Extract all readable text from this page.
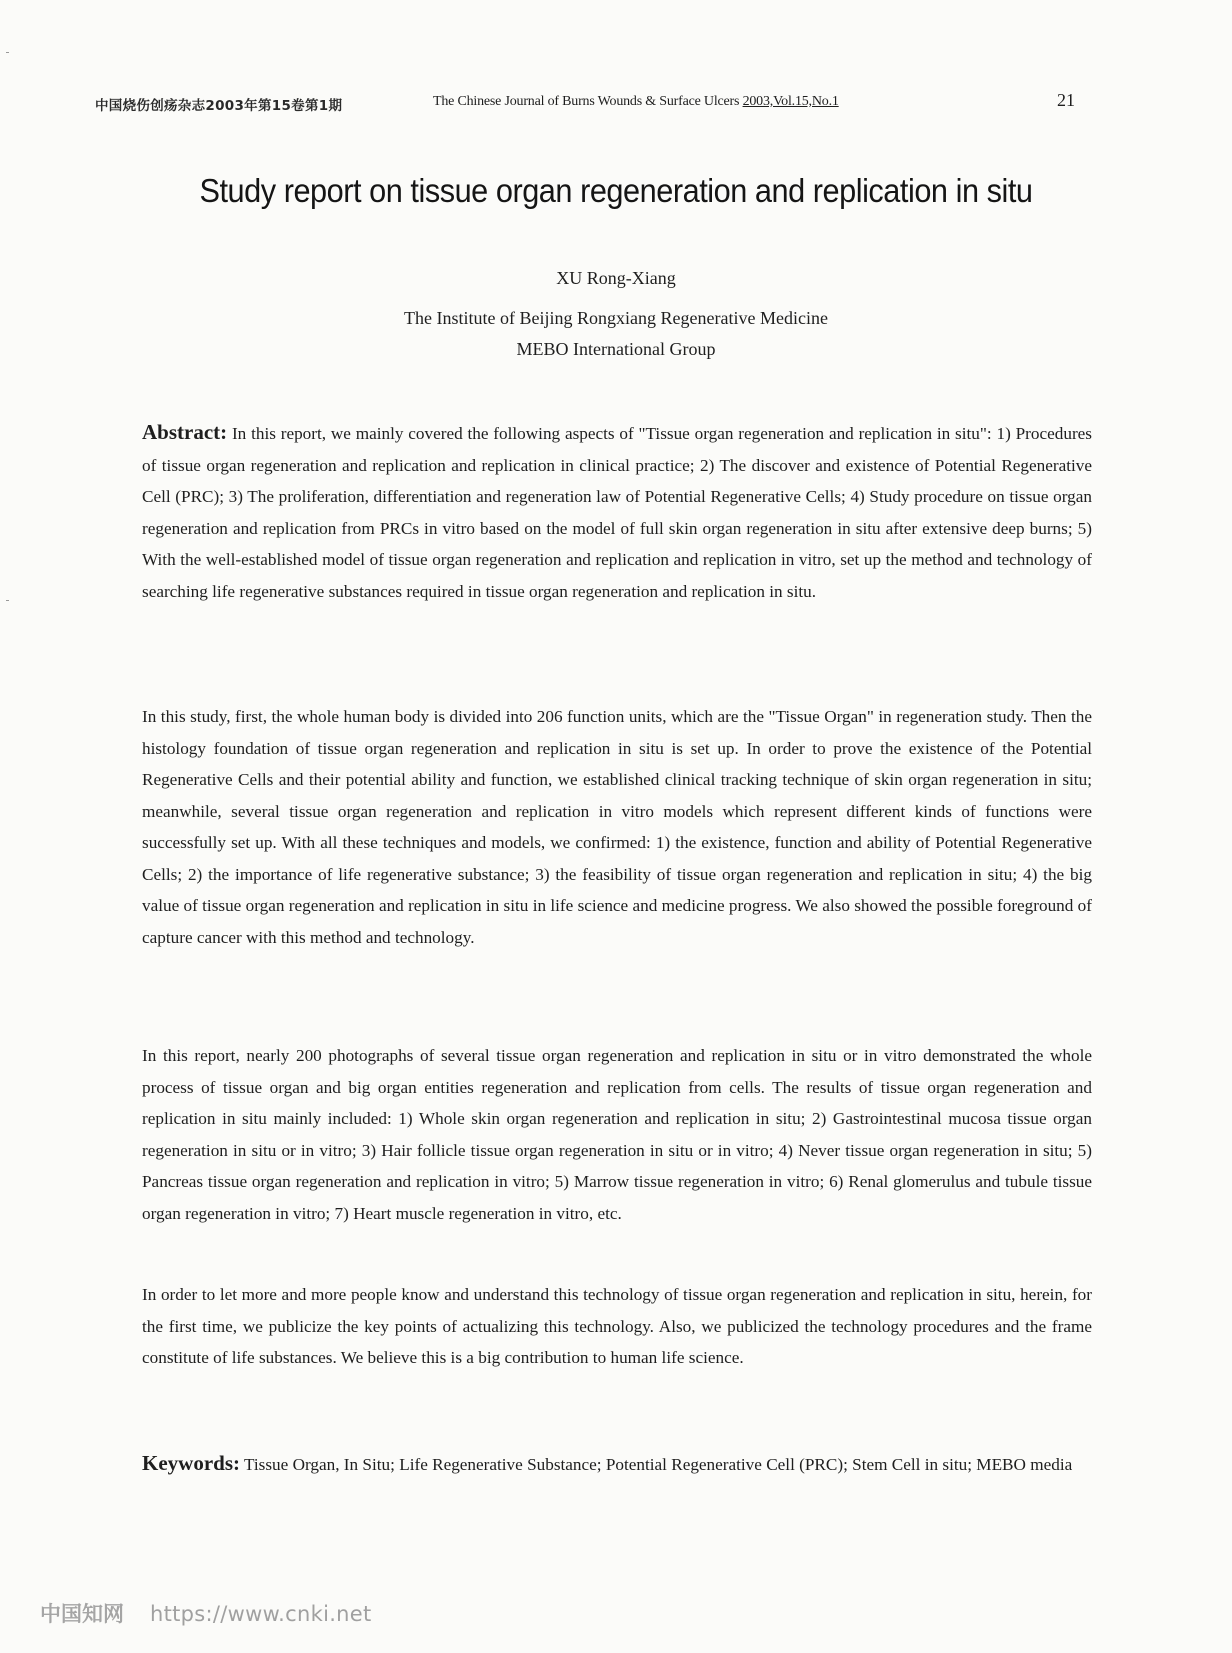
中国烧伤创疡杂志2003年第15卷第1期	The Chinese Journal of Burns Wounds & Surface Ulcers 2003,Vol.15,No.1	21
Study report on tissue organ regeneration and replication in situ
XU Rong-Xiang
The Institute of Beijing Rongxiang Regenerative Medicine
MEBO International Group

Abstract: In this report, we mainly covered the following aspects of "Tissue organ regeneration and replication in situ": 1) Procedures of tissue organ regeneration and replication and replication in clinical practice; 2) The discover and existence of Potential Regenerative Cell (PRC); 3) The proliferation, differentiation and regeneration law of Potential Regenerative Cells; 4) Study procedure on tissue organ regeneration and replication from PRCs in vitro based on the model of full skin organ regeneration in situ after extensive deep burns; 5) With the well-established model of tissue organ regeneration and replication and replication in vitro, set up the method and technology of searching life regenerative substances required in tissue organ regeneration and replication in situ.

In this study, first, the whole human body is divided into 206 function units, which are the "Tissue Organ" in regeneration study. Then the histology foundation of tissue organ regeneration and replication in situ is set up. In order to prove the existence of the Potential Regenerative Cells and their potential ability and function, we established clinical tracking technique of skin organ regeneration in situ; meanwhile, several tissue organ regeneration and replication in vitro models which represent different kinds of functions were successfully set up. With all these techniques and models, we confirmed: 1) the existence, function and ability of Potential Regenerative Cells; 2) the importance of life regenerative substance; 3) the feasibility of tissue organ regeneration and replication in situ; 4) the big value of tissue organ regeneration and replication in situ in life science and medicine progress. We also showed the possible foreground of capture cancer with this method and technology.

In this report, nearly 200 photographs of several tissue organ regeneration and replication in situ or in vitro demonstrated the whole process of tissue organ and big organ entities regeneration and replication from cells. The results of tissue organ regeneration and replication in situ mainly included: 1) Whole skin organ regeneration and replication in situ; 2) Gastrointestinal mucosa tissue organ regeneration in situ or in vitro; 3) Hair follicle tissue organ regeneration in situ or in vitro; 4) Never tissue organ regeneration in situ; 5) Pancreas tissue organ regeneration and replication in vitro; 5) Marrow tissue regeneration in vitro; 6) Renal glomerulus and tubule tissue organ regeneration in vitro; 7) Heart muscle regeneration in vitro, etc.

In order to let more and more people know and understand this technology of tissue organ regeneration and replication in situ, herein, for the first time, we publicize the key points of actualizing this technology. Also, we publicized the technology procedures and the frame constitute of life substances. We believe this is a big contribution to human life science.

Keywords: Tissue Organ, In Situ; Life Regenerative Substance; Potential Regenerative Cell (PRC); Stem Cell in situ; MEBO media

中国知网 https://www.cnki.net
